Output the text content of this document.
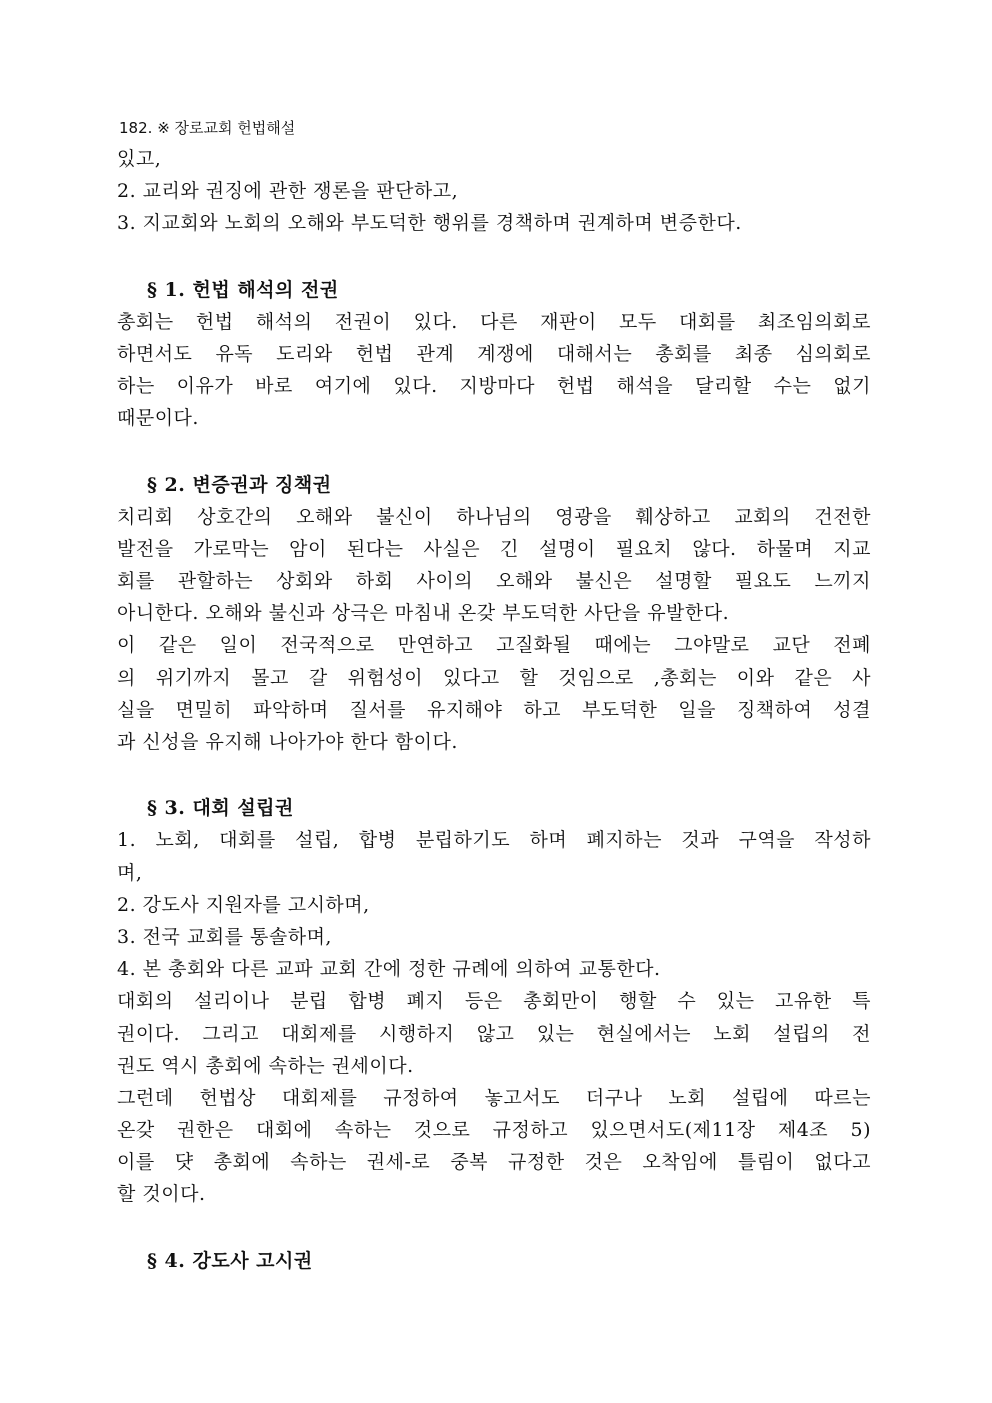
182. ※ 장로교회 헌법해설
있고,
2. 교리와 권징에 관한 쟁론을 판단하고,
3. 지교회와 노회의 오해와 부도덕한 행위를 경책하며 권계하며 변증한다.
§ 1. 헌법 해석의 전권
총회는 헌법 해석의 전권이 있다. 다른 재판이 모두 대회를 최조임의회로
하면서도 유독 도리와 헌법 관계 계쟁에 대해서는 총회를 최종 심의회로
하는 이유가 바로 여기에 있다. 지방마다 헌법 해석을 달리할 수는 없기
때문이다.
§ 2. 변증권과 징책권
치리회 상호간의 오해와 불신이 하나님의 영광을 훼상하고 교회의 건전한
발전을 가로막는 암이 된다는 사실은 긴 설명이 필요치 않다. 하물며 지교
회를 관할하는 상회와 하회 사이의 오해와 불신은 설명할 필요도 느끼지
아니한다. 오해와 불신과 상극은 마침내 온갖 부도덕한 사단을 유발한다.
이 같은 일이 전국적으로 만연하고 고질화될 때에는 그야말로 교단 전폐
의 위기까지 몰고 갈 위험성이 있다고 할 것임으로 ,총회는 이와 같은 사
실을 면밀히 파악하며 질서를 유지해야 하고 부도덕한 일을 징책하여 성결
과 신성을 유지해 나아가야 한다 함이다.
§ 3. 대회 설립권
1. 노회, 대회를 설립, 합병 분립하기도 하며 폐지하는 것과 구역을 작성하
며,
2. 강도사 지원자를 고시하며,
3. 전국 교회를 통솔하며,
4. 본 총회와 다른 교파 교회 간에 정한 규례에 의하여 교통한다.
대회의 설리이나 분립 합병 폐지 등은 총회만이 행할 수 있는 고유한 특
권이다. 그리고 대회제를 시행하지 않고 있는 현실에서는 노회 설립의 전
권도 역시 총회에 속하는 권세이다.
그런데 헌법상 대회제를 규정하여 놓고서도 더구나 노회 설립에 따르는
온갖 권한은 대회에 속하는 것으로 규정하고 있으면서도(제11장 제4조 5)
이를 댯 총회에 속하는 권세-로 중복 규정한 것은 오착임에 틀림이 없다고
할 것이다.
§ 4. 강도사 고시권
